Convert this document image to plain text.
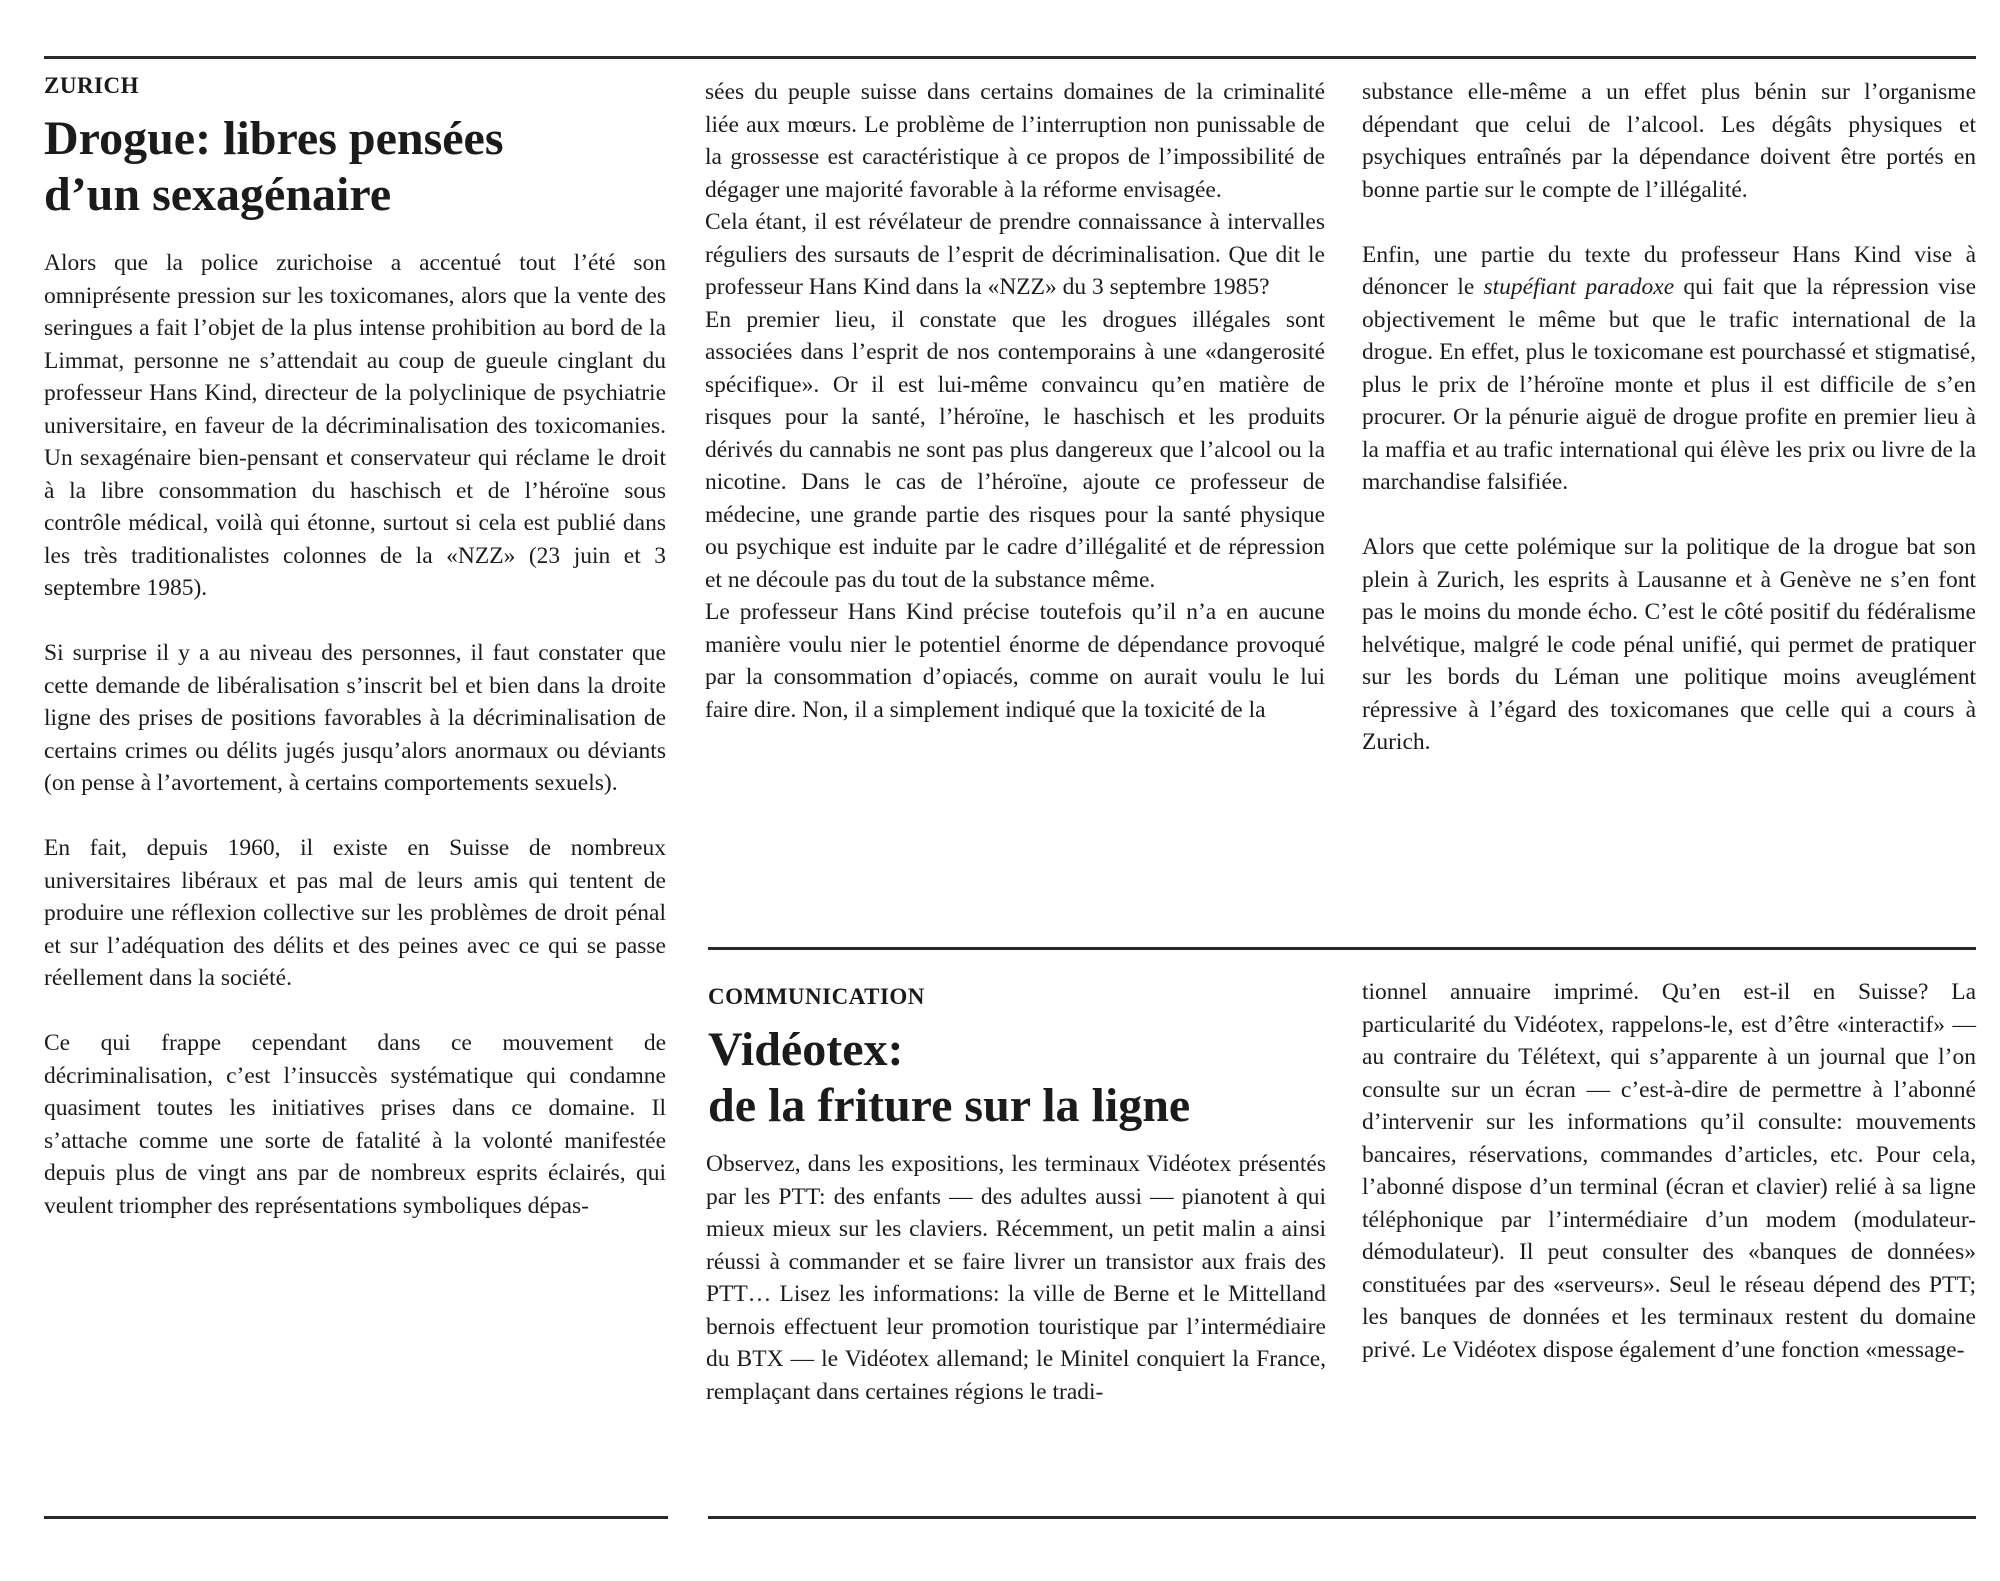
ZURICH
Drogue: libres pensées
d’un sexagénaire

Alors que la police zurichoise a accentué tout l’été son omniprésente pression sur les toxicomanes, alors que la vente des seringues a fait l’objet de la plus intense prohibition au bord de la Limmat, personne ne s’attendait au coup de gueule cinglant du professeur Hans Kind, directeur de la polyclinique de psychiatrie universitaire, en faveur de la décriminalisation des toxicomanies. Un sexagénaire bien-pensant et conservateur qui réclame le droit à la libre consommation du haschisch et de l’héroïne sous contrôle médical, voilà qui étonne, surtout si cela est publié dans les très traditionalistes colonnes de la «NZZ» (23 juin et 3 septembre 1985).

Si surprise il y a au niveau des personnes, il faut constater que cette demande de libéralisation s’inscrit bel et bien dans la droite ligne des prises de positions favorables à la décriminalisation de certains crimes ou délits jugés jusqu’alors anormaux ou déviants (on pense à l’avortement, à certains comportements sexuels).

En fait, depuis 1960, il existe en Suisse de nombreux universitaires libéraux et pas mal de leurs amis qui tentent de produire une réflexion collective sur les problèmes de droit pénal et sur l’adéquation des délits et des peines avec ce qui se passe réellement dans la société.

Ce qui frappe cependant dans ce mouvement de décriminalisation, c’est l’insuccès systématique qui condamne quasiment toutes les initiatives prises dans ce domaine. Il s’attache comme une sorte de fatalité à la volonté manifestée depuis plus de vingt ans par de nombreux esprits éclairés, qui veulent triompher des représentations symboliques dépas-

sées du peuple suisse dans certains domaines de la criminalité liée aux mœurs. Le problème de l’interruption non punissable de la grossesse est caractéristique à ce propos de l’impossibilité de dégager une majorité favorable à la réforme envisagée.

Cela étant, il est révélateur de prendre connaissance à intervalles réguliers des sursauts de l’esprit de décriminalisation. Que dit le professeur Hans Kind dans la «NZZ» du 3 septembre 1985?

En premier lieu, il constate que les drogues illégales sont associées dans l’esprit de nos contemporains à une «dangerosité spécifique». Or il est lui-même convaincu qu’en matière de risques pour la santé, l’héroïne, le haschisch et les produits dérivés du cannabis ne sont pas plus dangereux que l’alcool ou la nicotine. Dans le cas de l’héroïne, ajoute ce professeur de médecine, une grande partie des risques pour la santé physique ou psychique est induite par le cadre d’illégalité et de répression et ne découle pas du tout de la substance même.

Le professeur Hans Kind précise toutefois qu’il n’a en aucune manière voulu nier le potentiel énorme de dépendance provoqué par la consommation d’opiacés, comme on aurait voulu le lui faire dire. Non, il a simplement indiqué que la toxicité de la

substance elle-même a un effet plus bénin sur l’organisme dépendant que celui de l’alcool. Les dégâts physiques et psychiques entraînés par la dépendance doivent être portés en bonne partie sur le compte de l’illégalité.

Enfin, une partie du texte du professeur Hans Kind vise à dénoncer le stupéfiant paradoxe qui fait que la répression vise objectivement le même but que le trafic international de la drogue. En effet, plus le toxicomane est pourchassé et stigmatisé, plus le prix de l’héroïne monte et plus il est difficile de s’en procurer. Or la pénurie aiguë de drogue profite en premier lieu à la maffia et au trafic international qui élève les prix ou livre de la marchandise falsifiée.

Alors que cette polémique sur la politique de la drogue bat son plein à Zurich, les esprits à Lausanne et à Genève ne s’en font pas le moins du monde écho. C’est le côté positif du fédéralisme helvétique, malgré le code pénal unifié, qui permet de pratiquer sur les bords du Léman une politique moins aveuglément répressive à l’égard des toxicomanes que celle qui a cours à Zurich.

COMMUNICATION
Vidéotex:
de la friture sur la ligne

Observez, dans les expositions, les terminaux Vidéotex présentés par les PTT: des enfants — des adultes aussi — pianotent à qui mieux mieux sur les claviers. Récemment, un petit malin a ainsi réussi à commander et se faire livrer un transistor aux frais des PTT… Lisez les informations: la ville de Berne et le Mittelland bernois effectuent leur promotion touristique par l’intermédiaire du BTX — le Vidéotex allemand; le Minitel conquiert la France, remplaçant dans certaines régions le tradi-

tionnel annuaire imprimé. Qu’en est-il en Suisse? La particularité du Vidéotex, rappelons-le, est d’être «interactif» — au contraire du Télétext, qui s’apparente à un journal que l’on consulte sur un écran — c’est-à-dire de permettre à l’abonné d’intervenir sur les informations qu’il consulte: mouvements bancaires, réservations, commandes d’articles, etc. Pour cela, l’abonné dispose d’un terminal (écran et clavier) relié à sa ligne téléphonique par l’intermédiaire d’un modem (modulateur-démodulateur). Il peut consulter des «banques de données» constituées par des «serveurs». Seul le réseau dépend des PTT; les banques de données et les terminaux restent du domaine privé. Le Vidéotex dispose également d’une fonction «message-
